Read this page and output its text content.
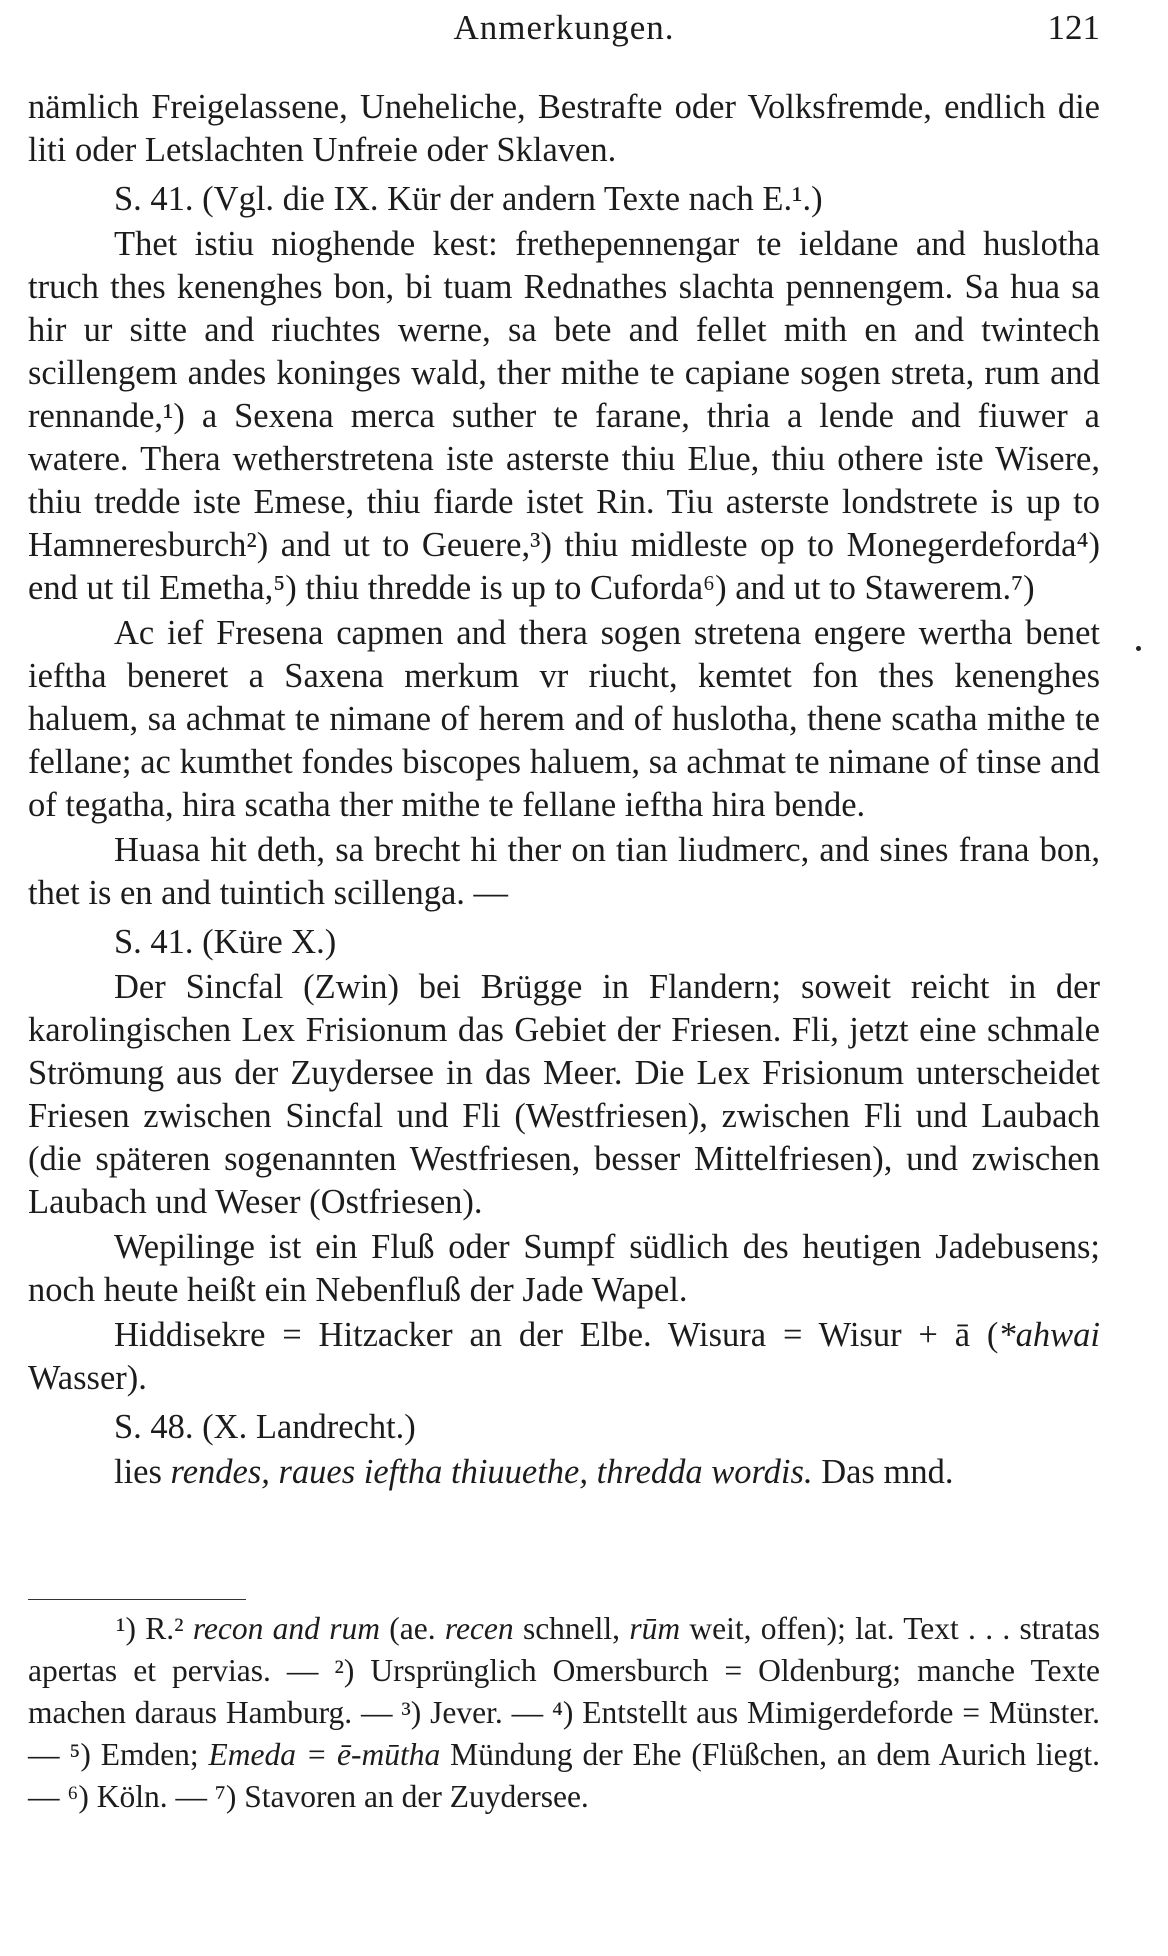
Anmerkungen.	121

nämlich Freigelassene, Uneheliche, Bestrafte oder Volksfremde, endlich die liti oder Letslachten Unfreie oder Sklaven.

S. 41. (Vgl. die IX. Kür der andern Texte nach E.¹.)

Thet istiu nioghende kest: frethepennengar te ieldane and huslotha truch thes kenenghes bon, bi tuam Rednathes slachta pennengem. Sa hua sa hir ur sitte and riuchtes werne, sa bete and fellet mith en and twintech scillengem andes koninges wald, ther mithe te capiane sogen streta, rum and rennande,¹) a Sexena merca suther te farane, thria a lende and fiuwer a watere. Thera wetherstretena iste asterste thiu Elue, thiu othere iste Wisere, thiu tredde iste Emese, thiu fiarde istet Rin. Tiu asterste londstrete is up to Hamneresburch²) and ut to Geuere,³) thiu midleste op to Monegerdeforda⁴) end ut til Emetha,⁵) thiu thredde is up to Cuforda⁶) and ut to Stawerem.⁷)

Ac ief Fresena capmen and thera sogen stretena engere wertha benet ieftha beneret a Saxena merkum vr riucht, kemtet fon thes kenenghes haluem, sa achmat te nimane of herem and of huslotha, thene scatha mithe te fellane; ac kumthet fondes biscopes haluem, sa achmat te nimane of tinse and of tegatha, hira scatha ther mithe te fellane ieftha hira bende.

Huasa hit deth, sa brecht hi ther on tian liudmerc, and sines frana bon, thet is en and tuintich scillenga. —

S. 41. (Küre X.)

Der Sincfal (Zwin) bei Brügge in Flandern; soweit reicht in der karolingischen Lex Frisionum das Gebiet der Friesen. Fli, jetzt eine schmale Strömung aus der Zuydersee in das Meer. Die Lex Frisionum unterscheidet Friesen zwischen Sincfal und Fli (Westfriesen), zwischen Fli und Laubach (die späteren sogenannten Westfriesen, besser Mittelfriesen), und zwischen Laubach und Weser (Ostfriesen).

Wepilinge ist ein Fluß oder Sumpf südlich des heutigen Jadebusens; noch heute heißt ein Nebenfluß der Jade Wapel.

Hiddisekre = Hitzacker an der Elbe. Wisura = Wisur + ā (*ahwai Wasser).

S. 48. (X. Landrecht.)

lies rendes, raues ieftha thiuuethe, thredda wordis. Das mnd.

¹) R.² recon and rum (ae. recen schnell, rūm weit, offen); lat. Text . . . stratas apertas et pervias. — ²) Ursprünglich Omersburch = Oldenburg; manche Texte machen daraus Hamburg. — ³) Jever. — ⁴) Entstellt aus Mimigerdeforde = Münster. — ⁵) Emden; Emeda = ē-mūtha Mündung der Ehe (Flüßchen, an dem Aurich liegt. — ⁶) Köln. — ⁷) Stavoren an der Zuydersee.
